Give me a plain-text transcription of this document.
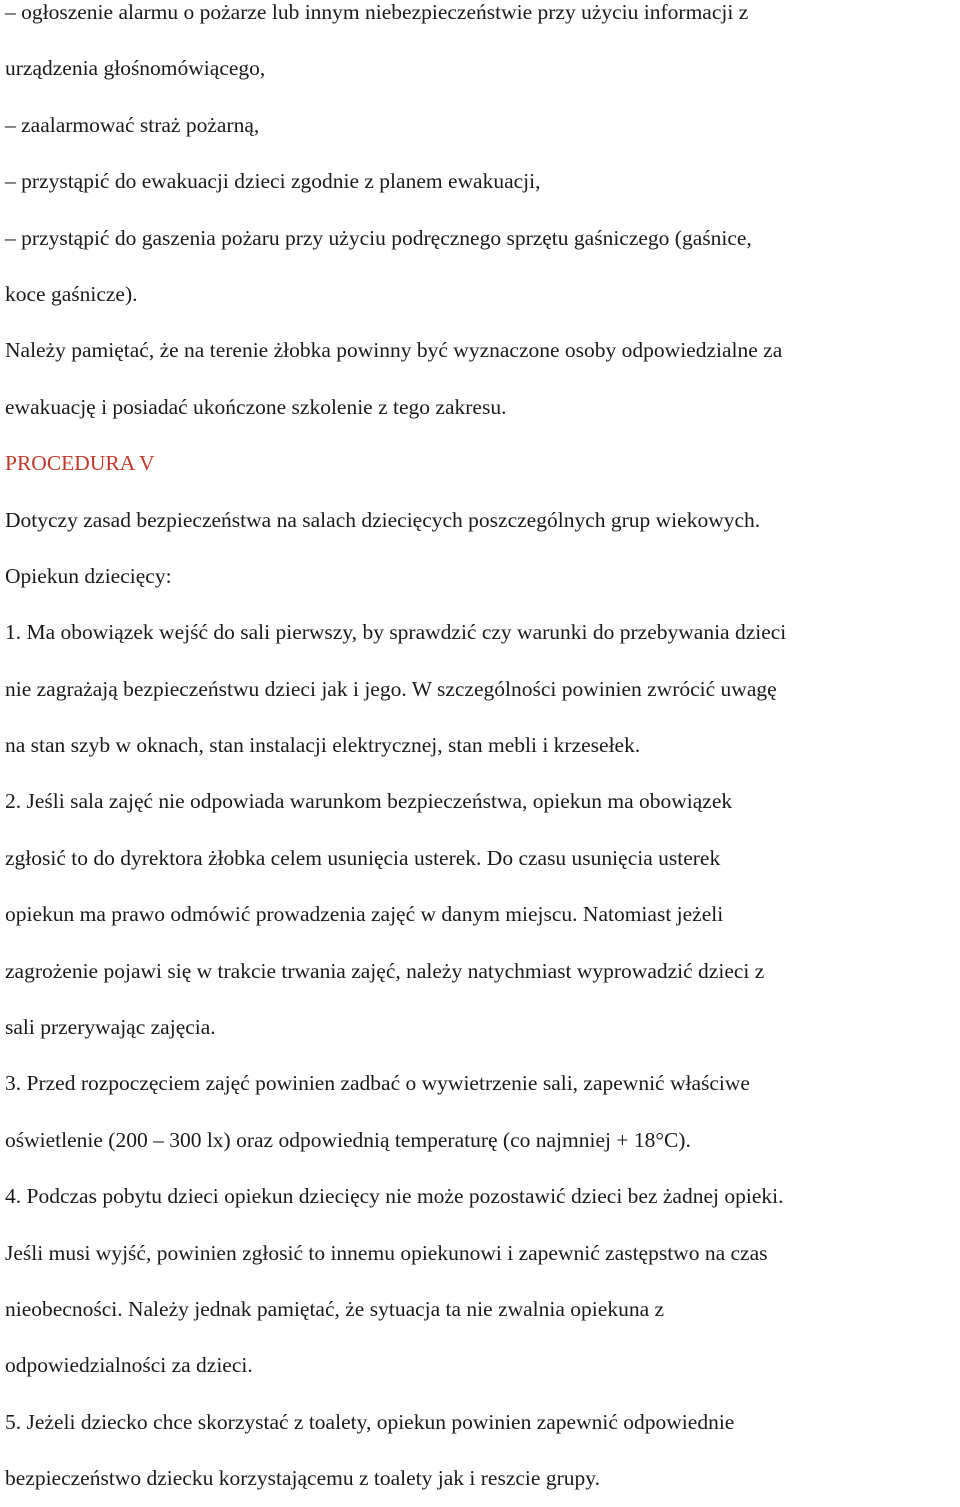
– ogłoszenie alarmu o pożarze lub innym niebezpieczeństwie przy użyciu informacji z
urządzenia głośnomówiącego,
– zaalarmować straż pożarną,
– przystąpić do ewakuacji dzieci zgodnie z planem ewakuacji,
– przystąpić do gaszenia pożaru przy użyciu podręcznego sprzętu gaśniczego (gaśnice,
koce gaśnicze).
Należy pamiętać, że na terenie żłobka powinny być wyznaczone osoby odpowiedzialne za
ewakuację i posiadać ukończone szkolenie z tego zakresu.
PROCEDURA V
Dotyczy zasad bezpieczeństwa na salach dziecięcych poszczególnych grup wiekowych.
Opiekun dziecięcy:
1. Ma obowiązek wejść do sali pierwszy, by sprawdzić czy warunki do przebywania dzieci
nie zagrażają bezpieczeństwu dzieci jak i jego. W szczególności powinien zwrócić uwagę
na stan szyb w oknach, stan instalacji elektrycznej, stan mebli i krzesełek.
2. Jeśli sala zajęć nie odpowiada warunkom bezpieczeństwa, opiekun ma obowiązek
zgłosić to do dyrektora żłobka celem usunięcia usterek. Do czasu usunięcia usterek
opiekun ma prawo odmówić prowadzenia zajęć w danym miejscu. Natomiast jeżeli
zagrożenie pojawi się w trakcie trwania zajęć, należy natychmiast wyprowadzić dzieci z
sali przerywając zajęcia.
3. Przed rozpoczęciem zajęć powinien zadbać o wywietrzenie sali, zapewnić właściwe
oświetlenie (200 – 300 lx) oraz odpowiednią temperaturę (co najmniej + 18°C).
4. Podczas pobytu dzieci opiekun dziecięcy nie może pozostawić dzieci bez żadnej opieki.
Jeśli musi wyjść, powinien zgłosić to innemu opiekunowi i zapewnić zastępstwo na czas
nieobecności. Należy jednak pamiętać, że sytuacja ta nie zwalnia opiekuna z
odpowiedzialności za dzieci.
5. Jeżeli dziecko chce skorzystać z toalety, opiekun powinien zapewnić odpowiednie
bezpieczeństwo dziecku korzystającemu z toalety jak i reszcie grupy.
